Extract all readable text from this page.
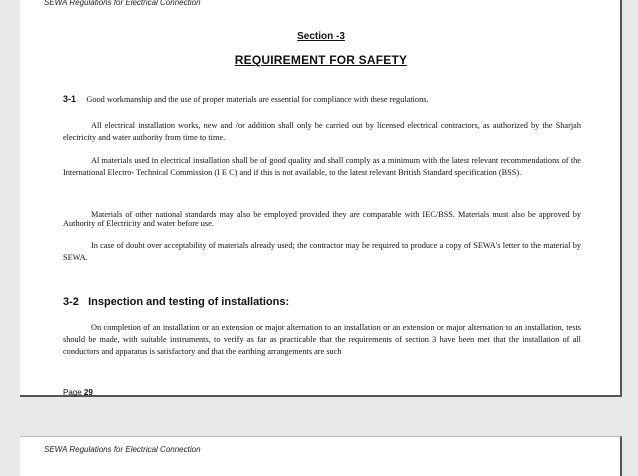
SEWA Regulations for Electrical Connection
Section -3
REQUIREMENT FOR SAFETY

3-1 Good workmanship and the use of proper materials are essential for compliance with these regulations.

All electrical installation works, new and /or addition shall only be carried out by licensed electrical contractors, as authorized by the Sharjah electricity and water authority from time to time.

Al materials used in electrical installation shall be of good quality and shall comply as a minimum with the latest relevant recommendations of the International Electro- Technical Commission (I E C) and if this is not available, to the latest relevant British Standard specification (BSS).

Materials of other national standards may also be employed provided they are comparable with IEC/BSS. Materials must also be approved by Authority of Electricity and water before use.

In case of doubt over acceptability of materials already used; the contractor may be required to produce a copy of SEWA's letter to the material by SEWA.

3-2 Inspection and testing of installations:

On completion of an installation or an extension or major alternation to an installation or an extension or major alternation to an installation, tests should be made, with suitable instruments, to verify as far as practicable that the requirements of section 3 have been met that the installation of all conductors and apparatus is satisfactory and that the earthing arrangements are such

Page 29
SEWA Regulations for Electrical Connection
